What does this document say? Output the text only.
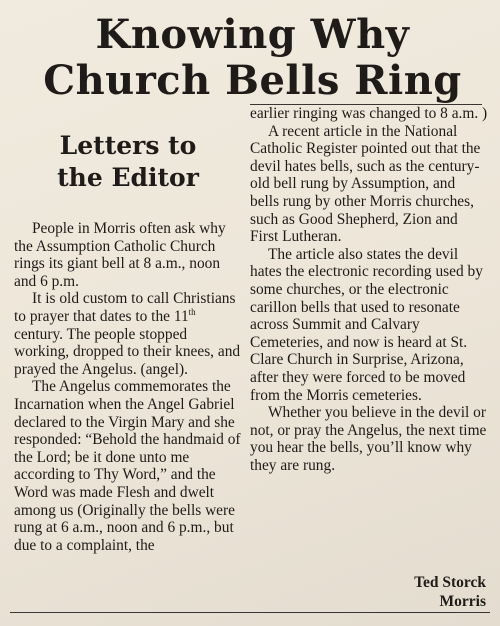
Knowing Why
Church Bells Ring
Letters to
the Editor

People in Morris often ask why the Assumption Catholic Church rings its giant bell at 8 a.m., noon and 6 p.m.

It is old custom to call Christians to prayer that dates to the 11th century. The people stopped working, dropped to their knees, and prayed the Angelus. (angel).

The Angelus commemorates the Incarnation when the Angel Gabriel declared to the Virgin Mary and she responded: “Behold the handmaid of the Lord; be it done unto me according to Thy Word,” and the Word was made Flesh and dwelt among us (Originally the bells were rung at 6 a.m., noon and 6 p.m., but due to a complaint, the

earlier ringing was changed to 8 a.m. )

A recent article in the National Catholic Register pointed out that the devil hates bells, such as the century-old bell rung by Assumption, and bells rung by other Morris churches, such as Good Shepherd, Zion and First Lutheran.

The article also states the devil hates the electronic recording used by some churches, or the electronic carillon bells that used to resonate across Summit and Calvary Cemeteries, and now is heard at St. Clare Church in Surprise, Arizona, after they were forced to be moved from the Morris cemeteries.

Whether you believe in the devil or not, or pray the Angelus, the next time you hear the bells, you’ll know why they are rung.

Ted Storck
Morris
